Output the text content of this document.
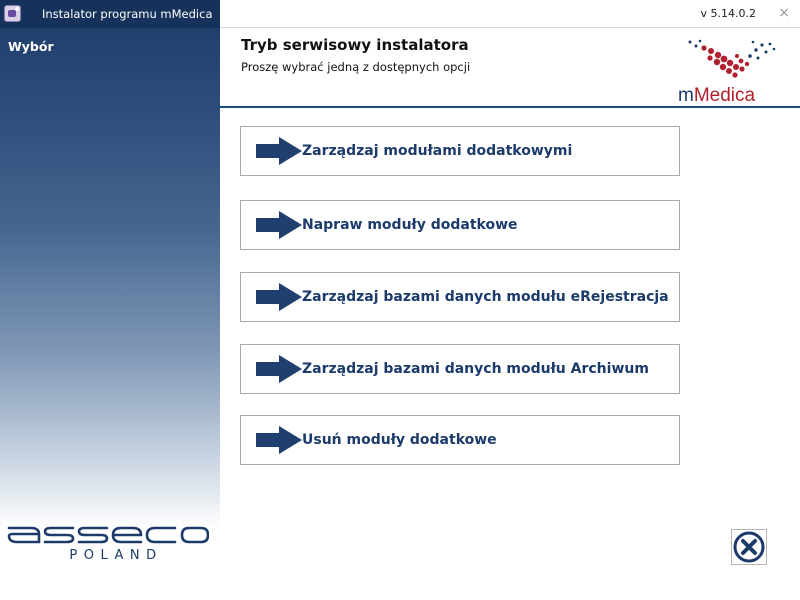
Instalator programu mMedica
Wybór
POLAND
v 5.14.0.2 ×
Tryb serwisowy instalatora
Proszę wybrać jedną z dostępnych opcji
mMedica
Zarządzaj modułami dodatkowymi
Napraw moduły dodatkowe
Zarządzaj bazami danych modułu eRejestracja
Zarządzaj bazami danych modułu Archiwum
Usuń moduły dodatkowe
